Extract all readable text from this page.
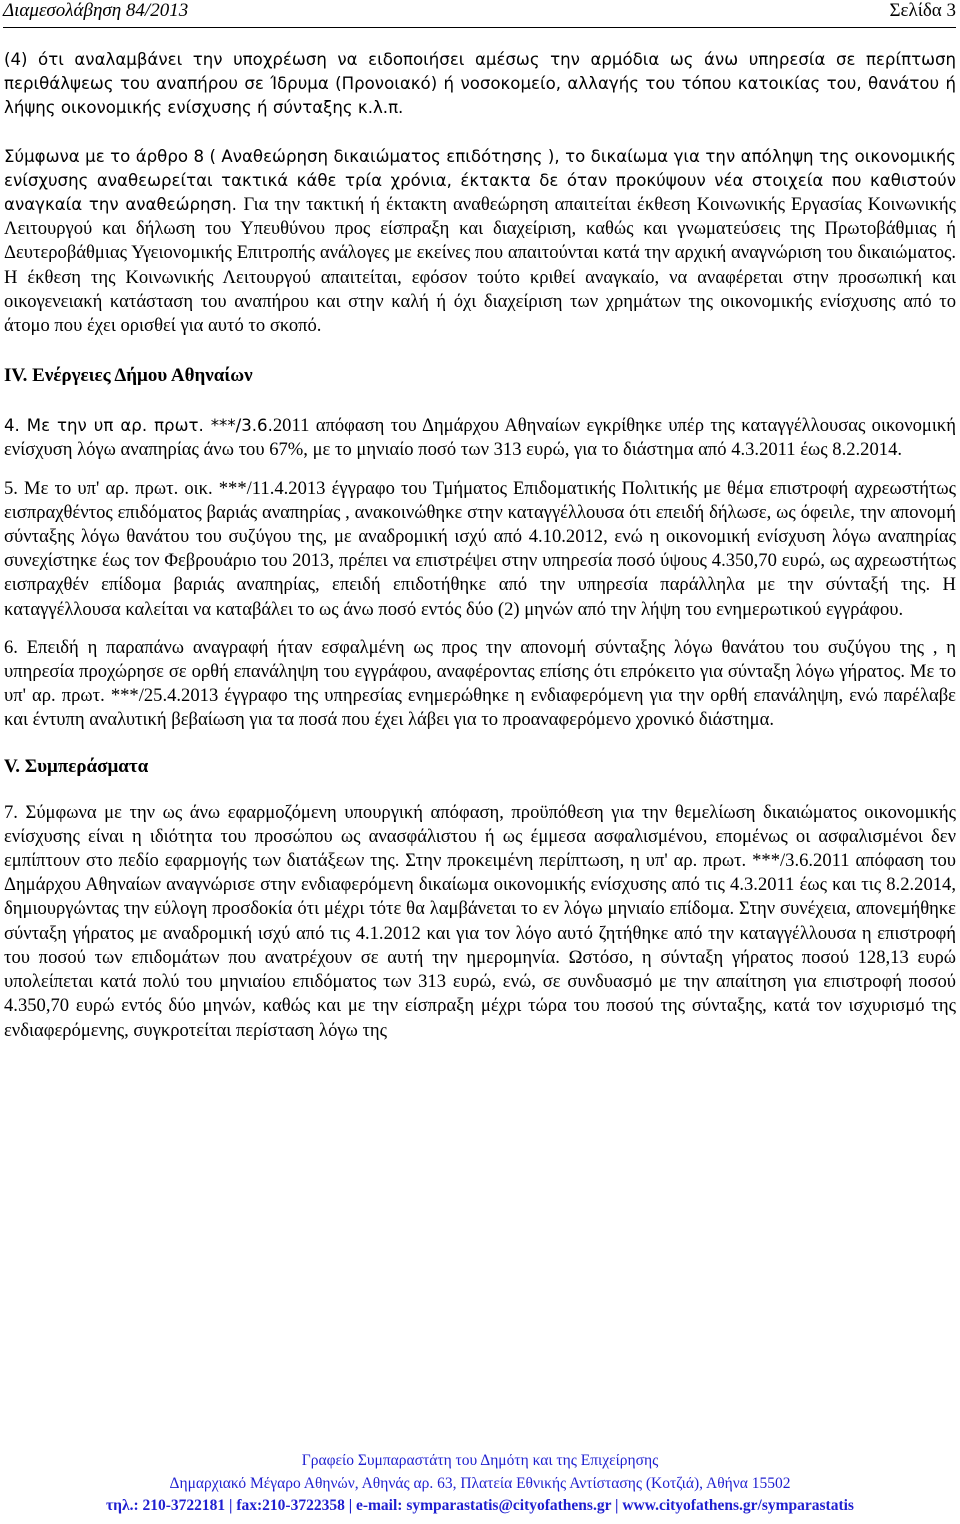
Διαμεσολάβηση 84/2013	Σελίδα 3

(4) ότι αναλαμβάνει την υποχρέωση να ειδοποιήσει αμέσως την αρμόδια ως άνω υπηρεσία σε περίπτωση περιθάλψεως του αναπήρου σε Ίδρυμα (Προνοιακό) ή νοσοκομείο, αλλαγής του τόπου κατοικίας του, θανάτου ή λήψης οικονομικής ενίσχυσης ή σύνταξης κ.λ.π.

Σύμφωνα με το άρθρο 8 ( Αναθεώρηση δικαιώματος επιδότησης ), το δικαίωμα για την απόληψη της οικονομικής ενίσχυσης αναθεωρείται τακτικά κάθε τρία χρόνια, έκτακτα δε όταν προκύψουν νέα στοιχεία που καθιστούν αναγκαία την αναθεώρηση. Για την τακτική ή έκτακτη αναθεώρηση απαιτείται έκθεση Κοινωνικής Εργασίας Κοινωνικής Λειτουργού και δήλωση του Υπευθύνου προς είσπραξη και διαχείριση, καθώς και γνωματεύσεις της Πρωτοβάθμιας ή Δευτεροβάθμιας Υγειονομικής Επιτροπής ανάλογες με εκείνες που απαιτούνται κατά την αρχική αναγνώριση του δικαιώματος. Η έκθεση της Κοινωνικής Λειτουργού απαιτείται, εφόσον τούτο κριθεί αναγκαίο, να αναφέρεται στην προσωπική και οικογενειακή κατάσταση του αναπήρου και στην καλή ή όχι διαχείριση των χρημάτων της οικονομικής ενίσχυσης από το άτομο που έχει ορισθεί για αυτό το σκοπό.

IV. Ενέργειες Δήμου Αθηναίων

4. Με την υπ αρ. πρωτ. ***/3.6.2011 απόφαση του Δημάρχου Αθηναίων εγκρίθηκε υπέρ της καταγγέλλουσας οικονομική ενίσχυση λόγω αναπηρίας άνω του 67%, με το μηνιαίο ποσό των 313 ευρώ, για το διάστημα από 4.3.2011 έως 8.2.2014.

5. Με το υπ' αρ. πρωτ. οικ. ***/11.4.2013 έγγραφο του Τμήματος Επιδοματικής Πολιτικής με θέμα επιστροφή αχρεωστήτως εισπραχθέντος επιδόματος βαριάς αναπηρίας , ανακοινώθηκε στην καταγγέλλουσα ότι επειδή δήλωσε, ως όφειλε, την απονομή σύνταξης λόγω θανάτου του συζύγου της, με αναδρομική ισχύ από 4.10.2012, ενώ η οικονομική ενίσχυση λόγω αναπηρίας συνεχίστηκε έως τον Φεβρουάριο του 2013, πρέπει να επιστρέψει στην υπηρεσία ποσό ύψους 4.350,70 ευρώ, ως αχρεωστήτως εισπραχθέν επίδομα βαριάς αναπηρίας, επειδή επιδοτήθηκε από την υπηρεσία παράλληλα με την σύνταξή της. Η καταγγέλλουσα καλείται να καταβάλει το ως άνω ποσό εντός δύο (2) μηνών από την λήψη του ενημερωτικού εγγράφου.

6. Επειδή η παραπάνω αναγραφή ήταν εσφαλμένη ως προς την απονομή σύνταξης λόγω θανάτου του συζύγου της , η υπηρεσία προχώρησε σε ορθή επανάληψη του εγγράφου, αναφέροντας επίσης ότι επρόκειτο για σύνταξη λόγω γήρατος. Με το υπ' αρ. πρωτ. ***/25.4.2013 έγγραφο της υπηρεσίας ενημερώθηκε η ενδιαφερόμενη για την ορθή επανάληψη, ενώ παρέλαβε και έντυπη αναλυτική βεβαίωση για τα ποσά που έχει λάβει για το προαναφερόμενο χρονικό διάστημα.

V. Συμπεράσματα

7. Σύμφωνα με την ως άνω εφαρμοζόμενη υπουργική απόφαση, προϋπόθεση για την θεμελίωση δικαιώματος οικονομικής ενίσχυσης είναι η ιδιότητα του προσώπου ως ανασφάλιστου ή ως έμμεσα ασφαλισμένου, επομένως οι ασφαλισμένοι δεν εμπίπτουν στο πεδίο εφαρμογής των διατάξεων της. Στην προκειμένη περίπτωση, η υπ' αρ. πρωτ. ***/3.6.2011 απόφαση του Δημάρχου Αθηναίων αναγνώρισε στην ενδιαφερόμενη δικαίωμα οικονομικής ενίσχυσης από τις 4.3.2011 έως και τις 8.2.2014, δημιουργώντας την εύλογη προσδοκία ότι μέχρι τότε θα λαμβάνεται το εν λόγω μηνιαίο επίδομα. Στην συνέχεια, απονεμήθηκε σύνταξη γήρατος με αναδρομική ισχύ από τις 4.1.2012 και για τον λόγο αυτό ζητήθηκε από την καταγγέλλουσα η επιστροφή του ποσού των επιδομάτων που ανατρέχουν σε αυτή την ημερομηνία. Ωστόσο, η σύνταξη γήρατος ποσού 128,13 ευρώ υπολείπεται κατά πολύ του μηνιαίου επιδόματος των 313 ευρώ, ενώ, σε συνδυασμό με την απαίτηση για επιστροφή ποσού 4.350,70 ευρώ εντός δύο μηνών, καθώς και με την είσπραξη μέχρι τώρα του ποσού της σύνταξης, κατά τον ισχυρισμό της ενδιαφερόμενης, συγκροτείται περίσταση λόγω της

Γραφείο Συμπαραστάτη του Δημότη και της Επιχείρησης
Δημαρχιακό Μέγαρο Αθηνών, Αθηνάς αρ. 63, Πλατεία Εθνικής Αντίστασης (Κοτζιά), Αθήνα 15502
τηλ.: 210-3722181 | fax:210-3722358 | e-mail: symparastatis@cityofathens.gr | www.cityofathens.gr/symparastatis
